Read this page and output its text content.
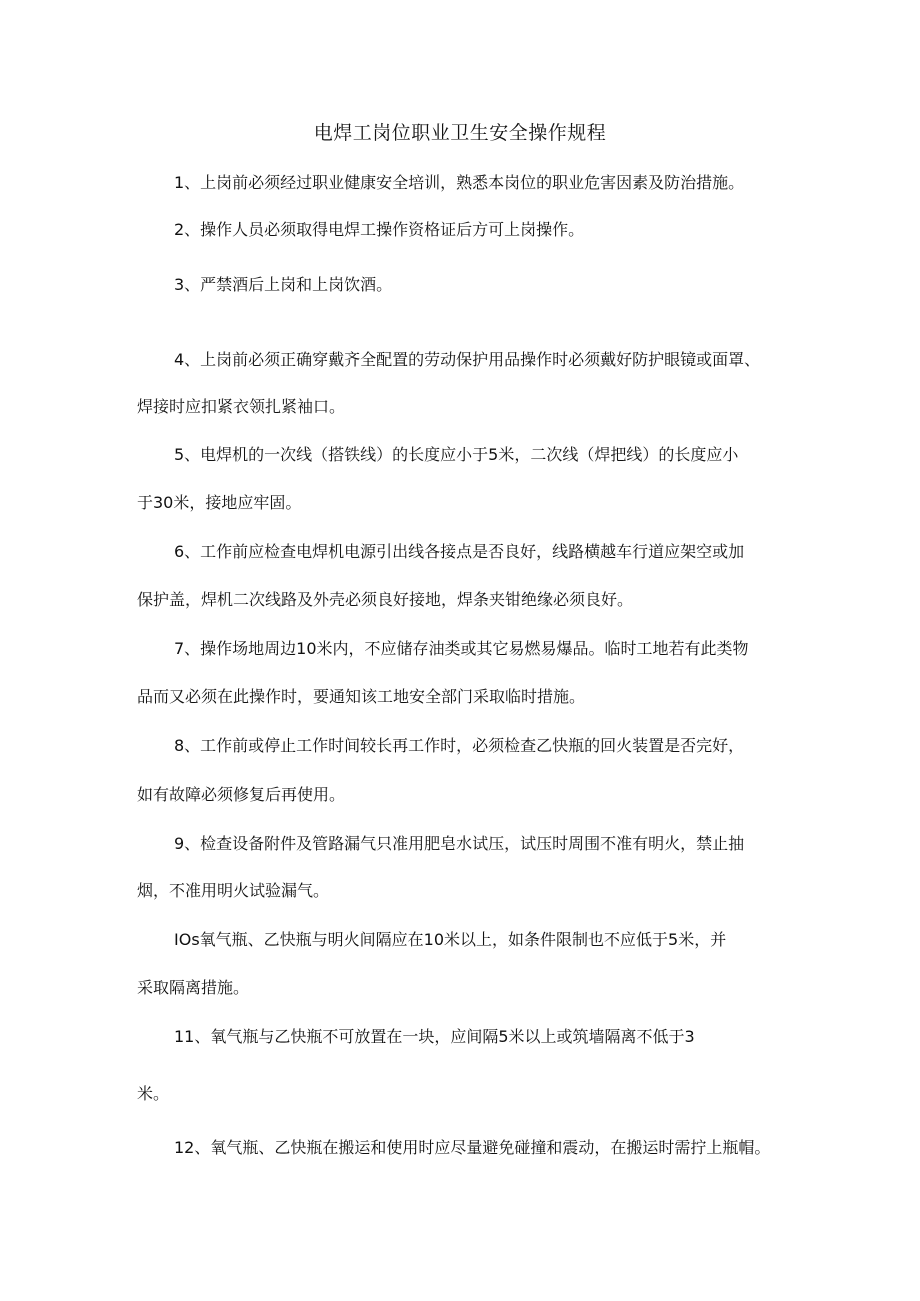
电焊工岗位职业卫生安全操作规程
1、上岗前必须经过职业健康安全培训，熟悉本岗位的职业危害因素及防治措施。
2、操作人员必须取得电焊工操作资格证后方可上岗操作。
3、严禁酒后上岗和上岗饮酒。
4、上岗前必须正确穿戴齐全配置的劳动保护用品操作时必须戴好防护眼镜或面罩、
焊接时应扣紧衣领扎紧袖口。
5、电焊机的一次线（搭铁线）的长度应小于5米，二次线（焊把线）的长度应小
于30米，接地应牢固。
6、工作前应检查电焊机电源引出线各接点是否良好，线路横越车行道应架空或加
保护盖，焊机二次线路及外壳必须良好接地，焊条夹钳绝缘必须良好。
7、操作场地周边10米内，不应储存油类或其它易燃易爆品。临时工地若有此类物
品而又必须在此操作时，要通知该工地安全部门采取临时措施。
8、工作前或停止工作时间较长再工作时，必须检查乙快瓶的回火装置是否完好，
如有故障必须修复后再使用。
9、检查设备附件及管路漏气只准用肥皂水试压，试压时周围不准有明火，禁止抽
烟，不准用明火试验漏气。
IOs氧气瓶、乙快瓶与明火间隔应在10米以上，如条件限制也不应低于5米，并
采取隔离措施。
11、氧气瓶与乙快瓶不可放置在一块，应间隔5米以上或筑墙隔离不低于3
米。
12、氧气瓶、乙快瓶在搬运和使用时应尽量避免碰撞和震动，在搬运时需拧上瓶帽。
